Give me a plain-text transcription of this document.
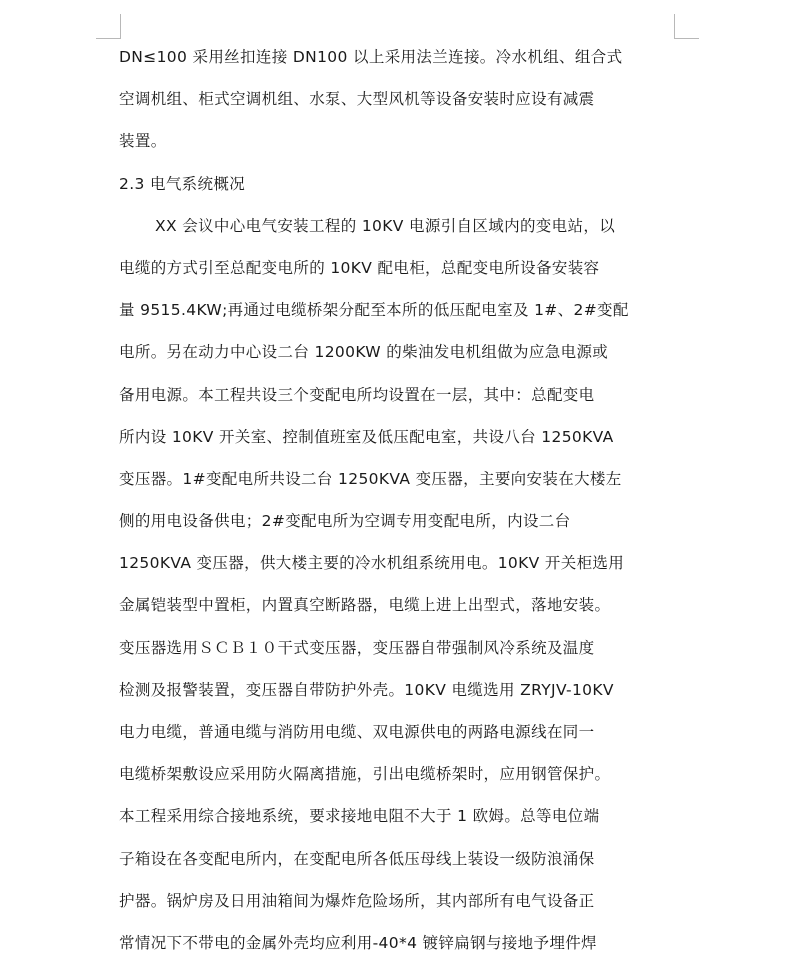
DN≤100 采用丝扣连接 DN100 以上采用法兰连接。冷水机组、组合式
空调机组、柜式空调机组、水泵、大型风机等设备安装时应设有减震
装置。
2.3 电气系统概况
XX 会议中心电气安装工程的 10KV 电源引自区域内的变电站，以
电缆的方式引至总配变电所的 10KV 配电柜，总配变电所设备安装容
量 9515.4KW;再通过电缆桥架分配至本所的低压配电室及 1#、2#变配
电所。另在动力中心设二台 1200KW 的柴油发电机组做为应急电源或
备用电源。本工程共设三个变配电所均设置在一层，其中：总配变电
所内设 10KV 开关室、控制值班室及低压配电室，共设八台 1250KVA
变压器。1#变配电所共设二台 1250KVA 变压器，主要向安装在大楼左
侧的用电设备供电；2#变配电所为空调专用变配电所，内设二台
1250KVA 变压器，供大楼主要的冷水机组系统用电。10KV 开关柜选用
金属铠装型中置柜，内置真空断路器，电缆上进上出型式，落地安装。
变压器选用ＳＣＢ１０干式变压器，变压器自带强制风冷系统及温度
检测及报警装置，变压器自带防护外壳。10KV 电缆选用 ZRYJV-10KV
电力电缆，普通电缆与消防用电缆、双电源供电的两路电源线在同一
电缆桥架敷设应采用防火隔离措施，引出电缆桥架时，应用钢管保护。
本工程采用综合接地系统，要求接地电阻不大于 1 欧姆。总等电位端
子箱设在各变配电所内，在变配电所各低压母线上装设一级防浪涌保
护器。锅炉房及日用油箱间为爆炸危险场所，其内部所有电气设备正
常情况下不带电的金属外壳均应利用-40*4 镀锌扁钢与接地予埋件焊
